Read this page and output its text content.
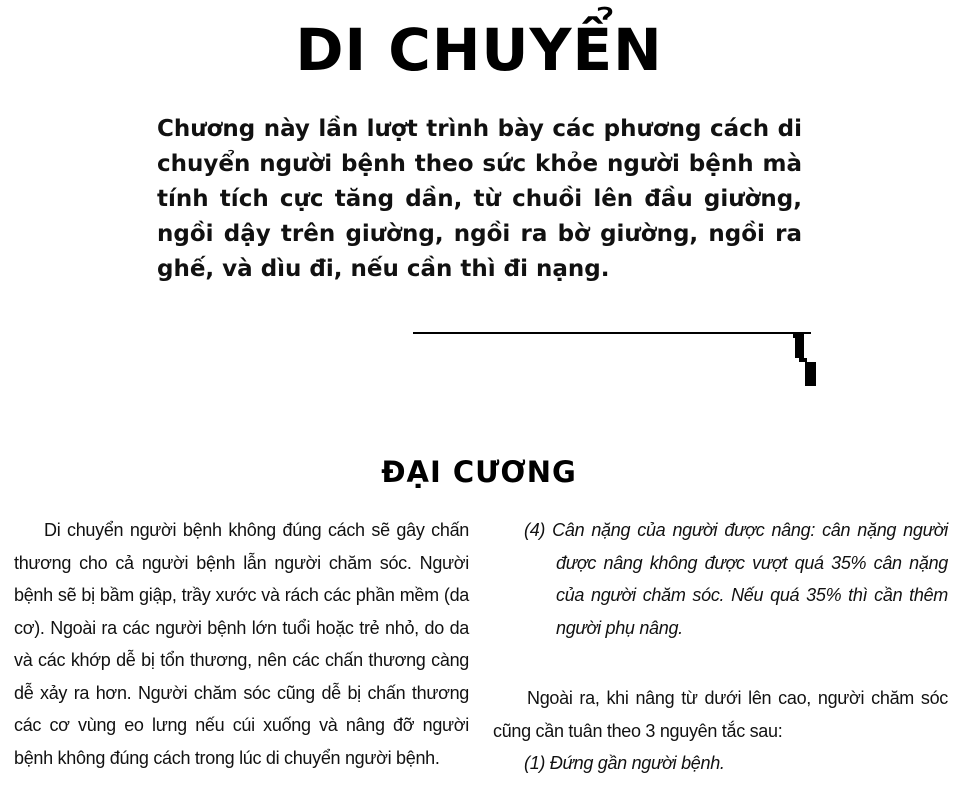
DI CHUYỂN

Chương này lần lượt trình bày các phương cách di chuyển người bệnh theo sức khỏe người bệnh mà tính tích cực tăng dần, từ chuồi lên đầu giường, ngồi dậy trên giường, ngồi ra bờ giường, ngồi ra ghế, và dìu đi, nếu cần thì đi nạng.

ĐẠI CƯƠNG

Di chuyển người bệnh không đúng cách sẽ gây chấn thương cho cả người bệnh lẫn người chăm sóc. Người bệnh sẽ bị bầm giập, trầy xước và rách các phần mềm (da cơ). Ngoài ra các người bệnh lớn tuổi hoặc trẻ nhỏ, do da và các khớp dễ bị tổn thương, nên các chấn thương càng dễ xảy ra hơn. Người chăm sóc cũng dễ bị chấn thương các cơ vùng eo lưng nếu cúi xuống và nâng đỡ người bệnh không đúng cách trong lúc di chuyển người bệnh.

(4) Cân nặng của người được nâng: cân nặng người được nâng không được vượt quá 35% cân nặng của người chăm sóc. Nếu quá 35% thì cần thêm người phụ nâng.

Ngoài ra, khi nâng từ dưới lên cao, người chăm sóc cũng cần tuân theo 3 nguyên tắc sau:

(1) Đứng gần người bệnh.
